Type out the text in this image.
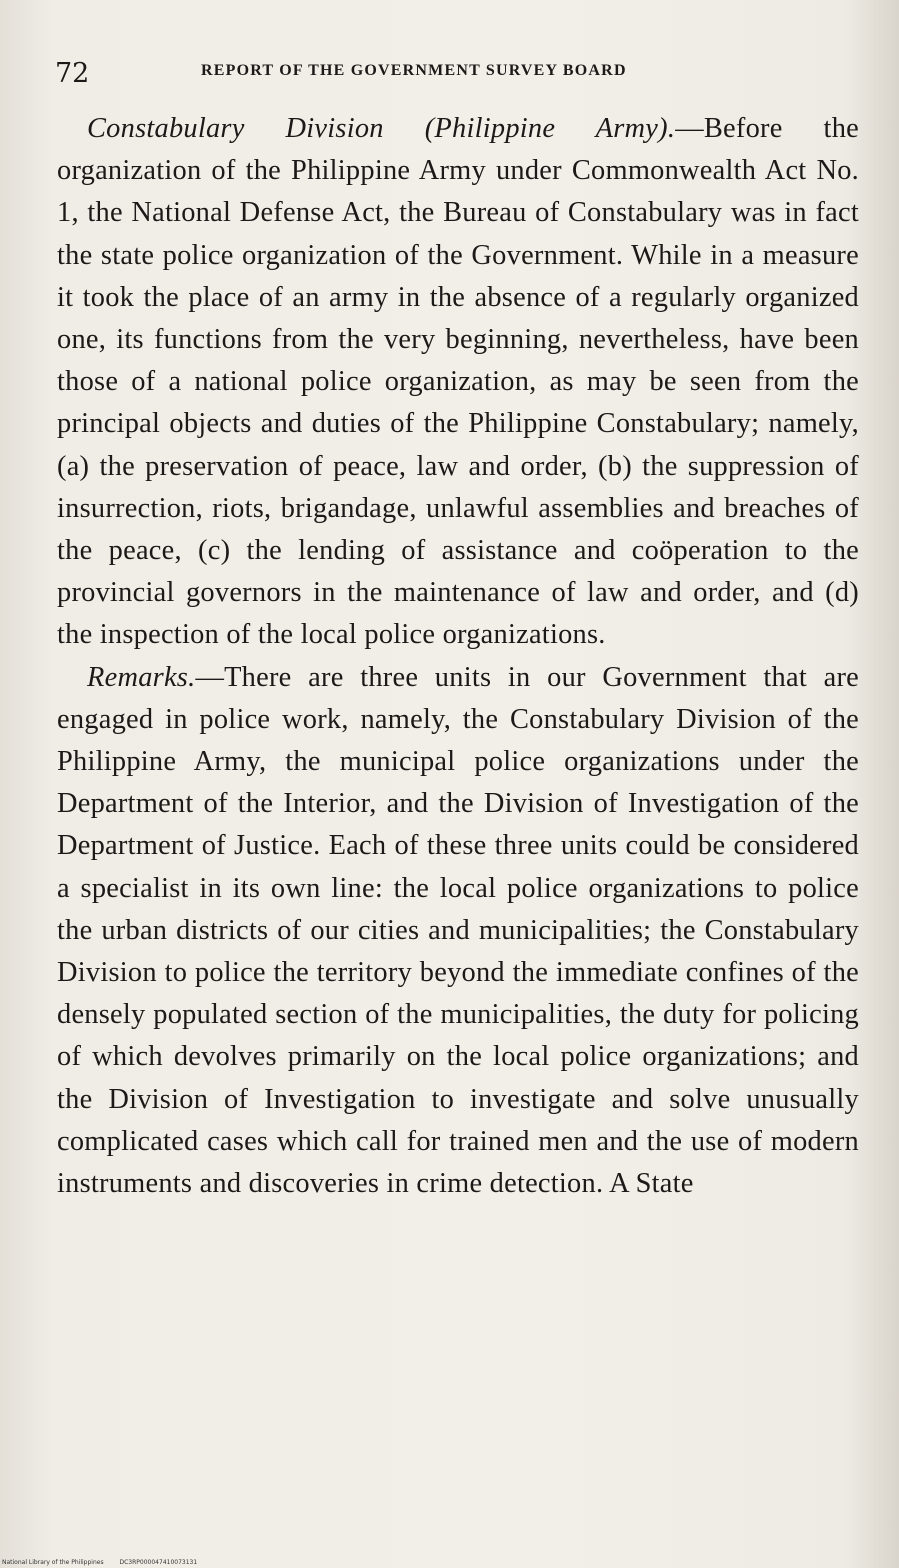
72	REPORT OF THE GOVERNMENT SURVEY BOARD

Constabulary Division (Philippine Army).—Before the organization of the Philippine Army under Commonwealth Act No. 1, the National Defense Act, the Bureau of Constabulary was in fact the state police organization of the Government. While in a measure it took the place of an army in the absence of a regularly organized one, its functions from the very beginning, nevertheless, have been those of a national police organization, as may be seen from the principal objects and duties of the Philippine Constabulary; namely, (a) the preservation of peace, law and order, (b) the suppression of insurrection, riots, brigandage, unlawful assemblies and breaches of the peace, (c) the lending of assistance and coöperation to the provincial governors in the maintenance of law and order, and (d) the inspection of the local police organizations.

Remarks.—There are three units in our Government that are engaged in police work, namely, the Constabulary Division of the Philippine Army, the municipal police organizations under the Department of the Interior, and the Division of Investigation of the Department of Justice. Each of these three units could be considered a specialist in its own line: the local police organizations to police the urban districts of our cities and municipalities; the Constabulary Division to police the territory beyond the immediate confines of the densely populated section of the municipalities, the duty for policing of which devolves primarily on the local police organizations; and the Division of Investigation to investigate and solve unusually complicated cases which call for trained men and the use of modern instruments and discoveries in crime detection. A State

National Library of the Philippines	DC3RP000047410073131
